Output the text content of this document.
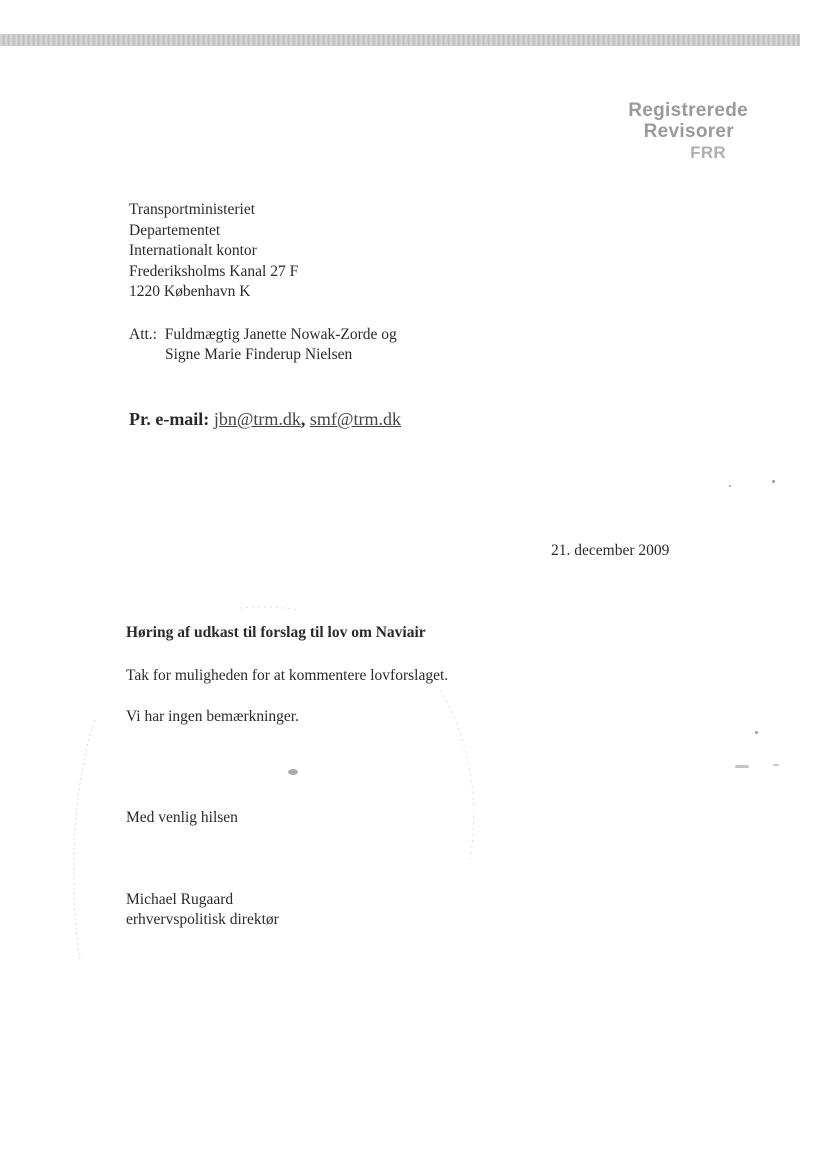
Registrerede
Revisorer
FRR
Transportministeriet
Departementet
Internationalt kontor
Frederiksholms Kanal 27 F
1220 København K
Att.: Fuldmægtig Janette Nowak-Zorde og
Signe Marie Finderup Nielsen
Pr. e-mail: jbn@trm.dk, smf@trm.dk
21. december 2009
Høring af udkast til forslag til lov om Naviair
Tak for muligheden for at kommentere lovforslaget.
Vi har ingen bemærkninger.
Med venlig hilsen
Michael Rugaard
erhvervspolitisk direktør
